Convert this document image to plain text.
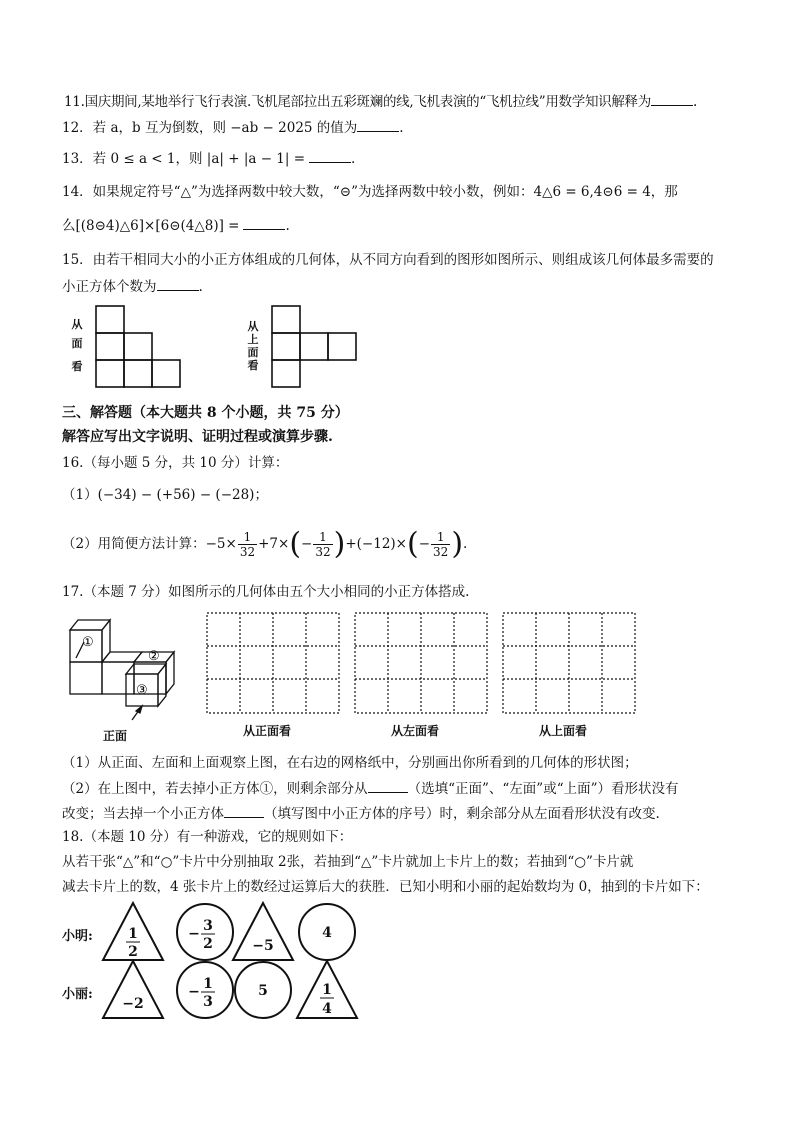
11.国庆期间,某地举行飞行表演.飞机尾部拉出五彩斑斓的线,飞机表演的“飞机拉线”用数学知识解释为	.
12．若 a，b 互为倒数，则 −ab − 2025 的值为	.
13．若 0 ≤ a < 1，则 |a| + |a − 1| =	.
14．如果规定符号“△”为选择两数中较大数，“⊝”为选择两数中较小数，例如：4△6 = 6,4⊝6 = 4，那
么[(8⊝4)△6]×[6⊝(4△8)] =	.
15．由若干相同大小的小正方体组成的几何体，从不同方向看到的图形如图所示、则组成该几何体最多需要的
小正方体个数为	.
从
面
看
从
上
面
看
三、解答题（本大题共 8 个小题，共 75 分）
解答应写出文字说明、证明过程或演算步骤.
16.（每小题 5 分，共 10 分）计算：
（1）(−34) − (+56) − (−28)；
（2）用简便方法计算：$-5\times \frac{1}{32} +7\times(- \frac{1}{32} )+(-12)\times(- \frac{1}{32}$ ).
17.（本题 7 分）如图所示的几何体由五个大小相同的小正方体搭成.
①
②
③
正面	从正面看	从左面看	从上面看
（1）从正面、左面和上面观察上图，在右边的网格纸中，分别画出你所看到的几何体的形状图；
（2）在上图中，若去掉小正方体①，则剩余部分从	（选填“正面”、“左面”或“上面”）看形状没有
改变；当去掉一个小正方体	（填写图中小正方体的序号）时，剩余部分从左面看形状没有改变.
18.（本题 10 分）有一种游戏，它的规则如下：
从若干张“△”和“○”卡片中分别抽取 2张，若抽到“△”卡片就加上卡片上的数；若抽到“○”卡片就
减去卡片上的数，4 张卡片上的数经过运算后大的获胜．已知小明和小丽的起始数均为 0，抽到的卡片如下：
小明:	1
2
− 3
2	−5
4
小丽:
−2
− 1
3
5	1
4
